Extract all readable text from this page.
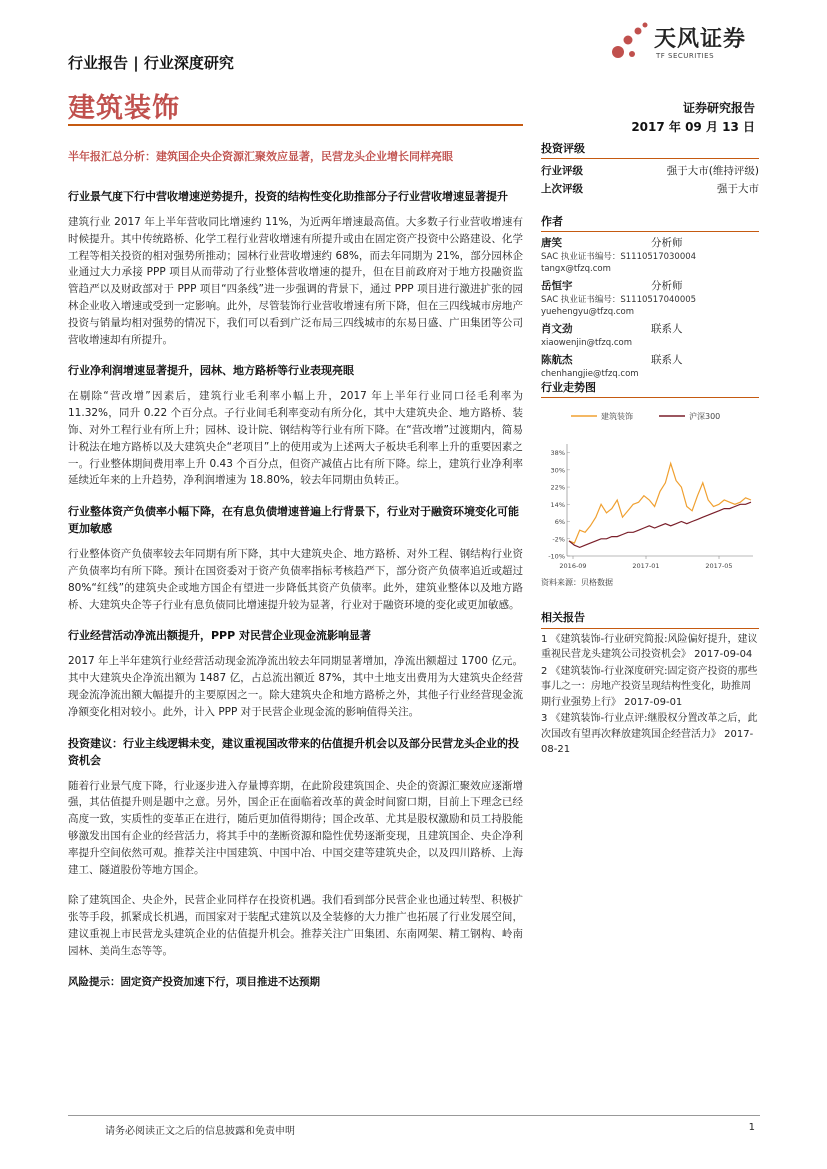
行业报告 | 行业深度研究
建筑装饰
天风证券
TF SECURITIES
证券研究报告
2017 年 09 月 13 日
半年报汇总分析：建筑国企央企资源汇聚效应显著，民营龙头企业增长同样亮眼
行业景气度下行中营收增速逆势提升，投资的结构性变化助推部分子行业营收增速显著提升

建筑行业 2017 年上半年营收同比增速约 11%，为近两年增速最高值。大多数子行业营收增速有时候提升。其中传统路桥、化学工程行业营收增速有所提升或由在固定资产投资中公路建设、化学工程等相关投资的相对强势所推动；园林行业营收增速约 68%，而去年同期为 21%，部分园林企业通过大力承接 PPP 项目从而带动了行业整体营收增速的提升，但在目前政府对于地方投融资监管趋严以及财政部对于 PPP 项目“四条线”进一步强调的背景下，通过 PPP 项目进行激进扩张的园林企业收入增速或受到一定影响。此外，尽管装饰行业营收增速有所下降，但在三四线城市房地产投资与销量均相对强势的情况下，我们可以看到广泛布局三四线城市的东易日盛、广田集团等公司营收增速却有所提升。

行业净利润增速显著提升，园林、地方路桥等行业表现亮眼

在剔除“营改增”因素后，建筑行业毛利率小幅上升，2017 年上半年行业同口径毛利率为 11.32%，同升 0.22 个百分点。子行业间毛利率变动有所分化，其中大建筑央企、地方路桥、装饰、对外工程行业有所上升；园林、设计院、钢结构等行业有所下降。在“营改增”过渡期内，简易计税法在地方路桥以及大建筑央企“老项目”上的使用或为上述两大子板块毛利率上升的重要因素之一。行业整体期间费用率上升 0.43 个百分点，但资产减值占比有所下降。综上，建筑行业净利率延续近年来的上升趋势，净利润增速为 18.80%，较去年同期由负转正。

行业整体资产负债率小幅下降，在有息负债增速普遍上行背景下，行业对于融资环境变化可能更加敏感

行业整体资产负债率较去年同期有所下降，其中大建筑央企、地方路桥、对外工程、钢结构行业资产负债率均有所下降。预计在国资委对于资产负债率指标考核趋严下，部分资产负债率追近或超过 80%“红线”的建筑央企或地方国企有望进一步降低其资产负债率。此外，建筑业整体以及地方路桥、大建筑央企等子行业有息负债同比增速提升较为显著，行业对于融资环境的变化或更加敏感。

行业经营活动净流出额提升，PPP 对民营企业现金流影响显著

2017 年上半年建筑行业经营活动现金流净流出较去年同期显著增加，净流出额超过 1700 亿元。其中大建筑央企净流出额为 1487 亿，占总流出额近 87%，其中土地支出费用为大建筑央企经营现金流净流出额大幅提升的主要原因之一。除大建筑央企和地方路桥之外，其他子行业经营现金流净额变化相对较小。此外，计入 PPP 对于民营企业现金流的影响值得关注。

投资建议：行业主线逻辑未变，建议重视国改带来的估值提升机会以及部分民营龙头企业的投资机会

随着行业景气度下降，行业逐步进入存量博弈期，在此阶段建筑国企、央企的资源汇聚效应逐渐增强，其估值提升则是题中之意。另外，国企正在面临着改革的黄金时间窗口期，目前上下理念已经高度一致，实质性的变革正在进行，随后更加值得期待；国企改革、尤其是股权激励和员工持股能够激发出国有企业的经营活力，将其手中的垄断资源和隐性优势逐渐变现，且建筑国企、央企净利率提升空间依然可观。推荐关注中国建筑、中国中冶、中国交建等建筑央企，以及四川路桥、上海建工、隧道股份等地方国企。

除了建筑国企、央企外，民营企业同样存在投资机遇。我们看到部分民营企业也通过转型、积极扩张等手段，抓紧成长机遇，而国家对于装配式建筑以及全装修的大力推广也拓展了行业发展空间，建议重视上市民营龙头建筑企业的估值提升机会。推荐关注广田集团、东南网架、精工钢构、岭南园林、美尚生态等等。

风险提示：固定资产投资加速下行，项目推进不达预期
投资评级
行业评级	强于大市(维持评级)
上次评级	强于大市
作者
唐笑	分析师
SAC 执业证书编号：S1110517030004
tangx@tfzq.com
岳恒宇	分析师
SAC 执业证书编号：S1110517040005
yuehengyu@tfzq.com
肖文劲	联系人
xiaowenjin@tfzq.com
陈航杰	联系人
chenhangjie@tfzq.com
行业走势图
建筑装饰	沪深300
-10%
-2%
6%
14%
22%
30%
38%
2016-09	2017-01	2017-05
资料来源：贝格数据
相关报告
1 《建筑装饰-行业研究简报:风险偏好提升，建议重视民营龙头建筑公司投资机会》 2017-09-04
2 《建筑装饰-行业深度研究:固定资产投资的那些事儿之一：房地产投资呈现结构性变化，助推周期行业强势上行》 2017-09-01
3 《建筑装饰-行业点评:继股权分置改革之后，此次国改有望再次释放建筑国企经营活力》 2017-08-21
请务必阅读正文之后的信息披露和免责申明	1
